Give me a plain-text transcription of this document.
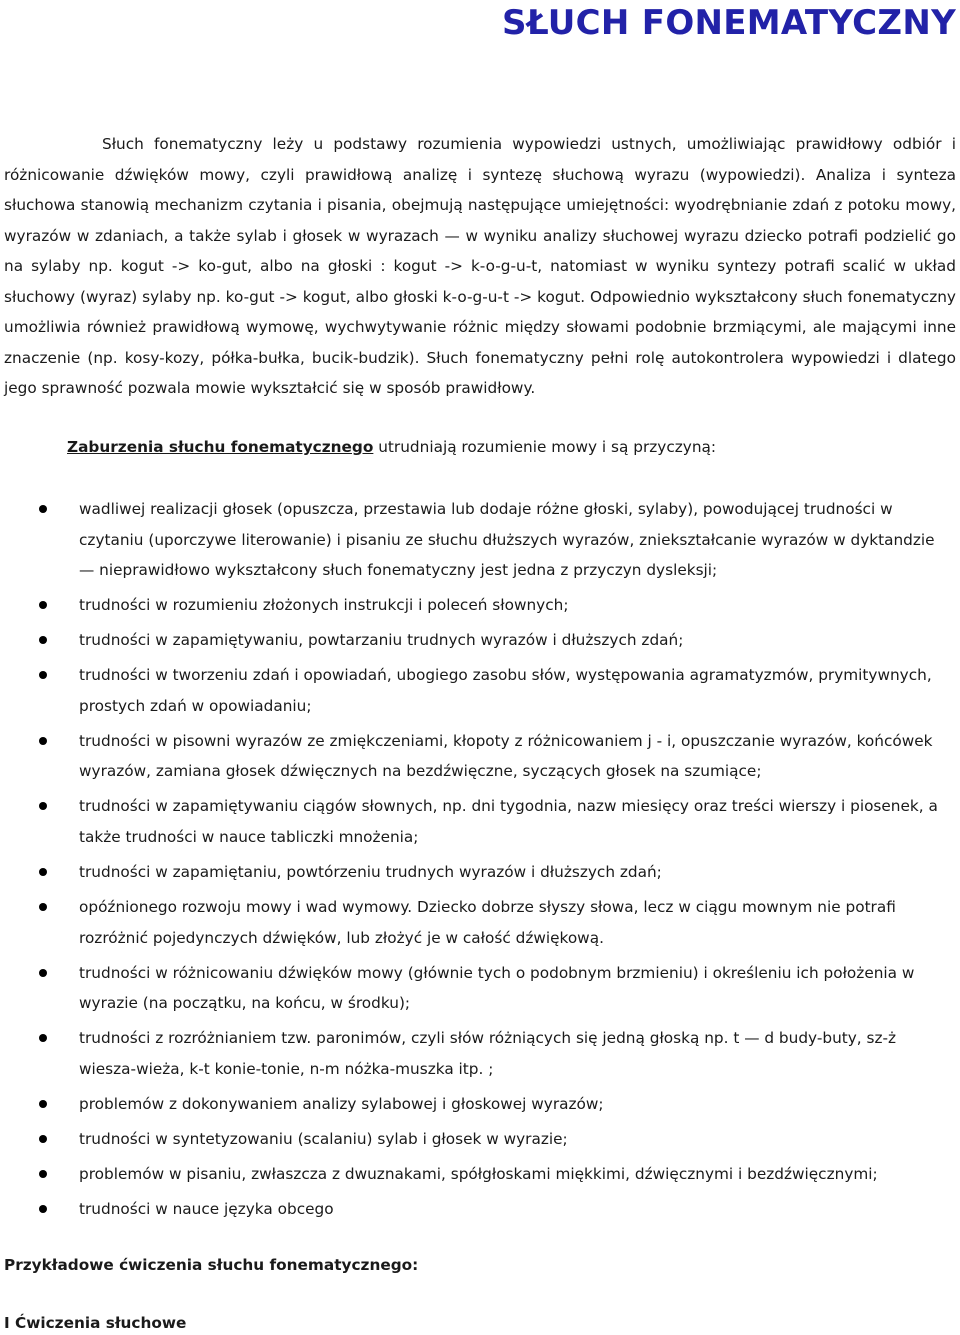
SŁUCH FONEMATYCZNY

Słuch fonematyczny leży u podstawy rozumienia wypowiedzi ustnych, umożliwiając prawidłowy odbiór i różnicowanie dźwięków mowy, czyli prawidłową analizę i syntezę słuchową wyrazu (wypowiedzi). Analiza i synteza słuchowa stanowią mechanizm czytania i pisania, obejmują następujące umiejętności: wyodrębnianie zdań z potoku mowy, wyrazów w zdaniach, a także sylab i głosek w wyrazach — w wyniku analizy słuchowej wyrazu dziecko potrafi podzielić go na sylaby np. kogut -> ko-gut, albo na głoski : kogut -> k-o-g-u-t, natomiast w wyniku syntezy potrafi scalić w układ słuchowy (wyraz) sylaby np. ko-gut -> kogut, albo głoski k-o-g-u-t -> kogut. Odpowiednio wykształcony słuch fonematyczny umożliwia również prawidłową wymowę, wychwytywanie różnic między słowami podobnie brzmiącymi, ale mającymi inne znaczenie (np. kosy-kozy, półka-bułka, bucik-budzik). Słuch fonematyczny pełni rolę autokontrolera wypowiedzi i dlatego jego sprawność pozwala mowie wykształcić się w sposób prawidłowy.

Zaburzenia słuchu fonematycznego utrudniają rozumienie mowy i są przyczyną:

wadliwej realizacji głosek (opuszcza, przestawia lub dodaje różne głoski, sylaby), powodującej trudności w czytaniu (uporczywe literowanie) i pisaniu ze słuchu dłuższych wyrazów, zniekształcanie wyrazów w dyktandzie — nieprawidłowo wykształcony słuch fonematyczny jest jedna z przyczyn dysleksji;
trudności w rozumieniu złożonych instrukcji i poleceń słownych;
trudności w zapamiętywaniu, powtarzaniu trudnych wyrazów i dłuższych zdań;
trudności w tworzeniu zdań i opowiadań, ubogiego zasobu słów, występowania agramatyzmów, prymitywnych, prostych zdań w opowiadaniu;
trudności w pisowni wyrazów ze zmiękczeniami, kłopoty z różnicowaniem j - i, opuszczanie wyrazów, końcówek wyrazów, zamiana głosek dźwięcznych na bezdźwięczne, syczących głosek na szumiące;
trudności w zapamiętywaniu ciągów słownych, np. dni tygodnia, nazw miesięcy oraz treści wierszy i piosenek, a także trudności w nauce tabliczki mnożenia;
trudności w zapamiętaniu, powtórzeniu trudnych wyrazów i dłuższych zdań;
opóźnionego rozwoju mowy i wad wymowy. Dziecko dobrze słyszy słowa, lecz w ciągu mownym nie potrafi rozróżnić pojedynczych dźwięków, lub złożyć je w całość dźwiękową.
trudności w różnicowaniu dźwięków mowy (głównie tych o podobnym brzmieniu) i określeniu ich położenia w wyrazie (na początku, na końcu, w środku);
trudności z rozróżnianiem tzw. paronimów, czyli słów różniących się jedną głoską np. t — d budy-buty, sz-ż wiesza-wieża, k-t konie-tonie, n-m nóżka-muszka itp. ;
problemów z dokonywaniem analizy sylabowej i głoskowej wyrazów;
trudności w syntetyzowaniu (scalaniu) sylab i głosek w wyrazie;
problemów w pisaniu, zwłaszcza z dwuznakami, spółgłoskami miękkimi, dźwięcznymi i bezdźwięcznymi;
trudności w nauce języka obcego

Przykładowe ćwiczenia słuchu fonematycznego:

I Ćwiczenia słuchowe
